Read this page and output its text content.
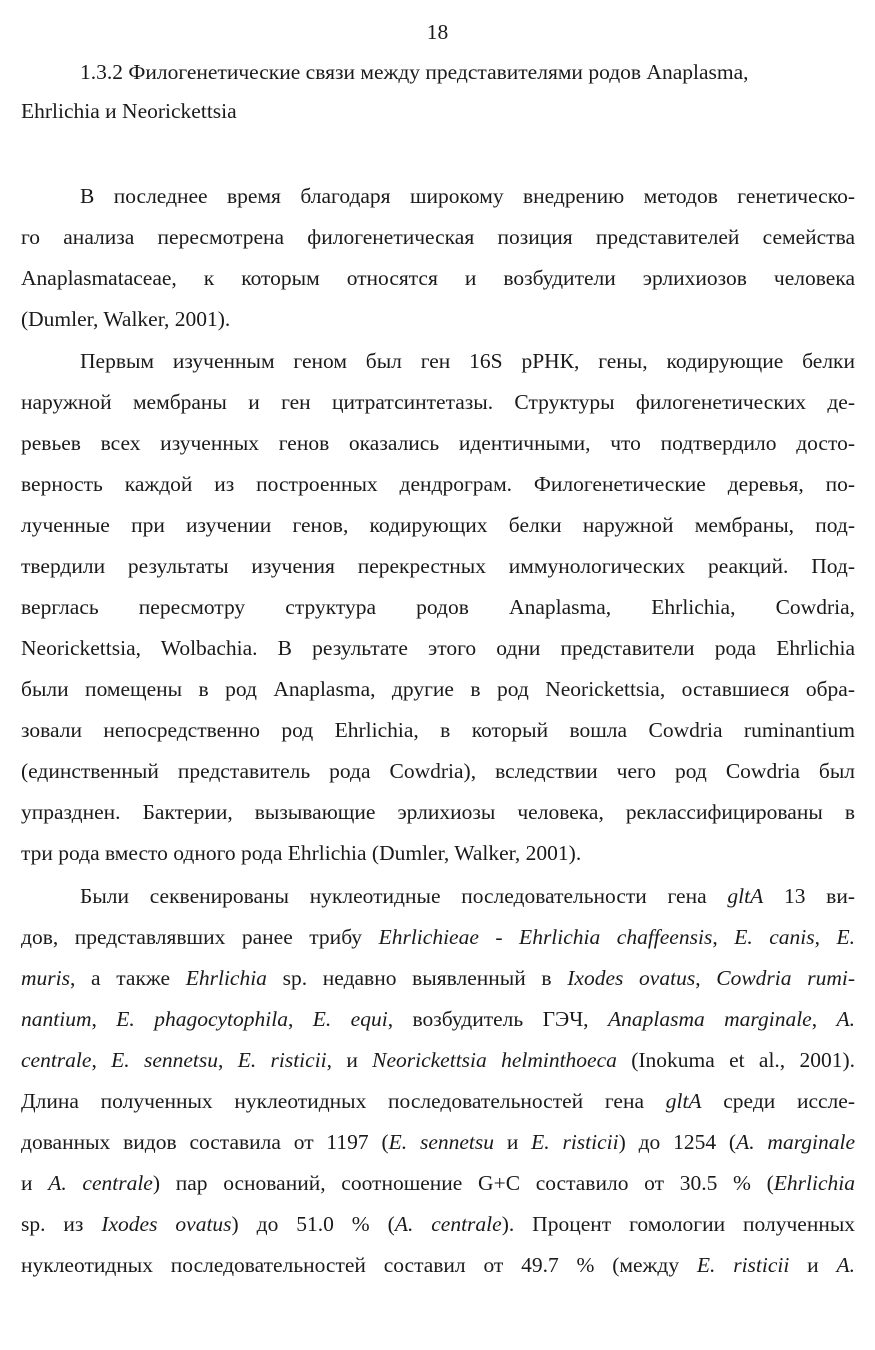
18
1.3.2 Филогенетические связи между представителями родов Anaplasma,
Ehrlichia и Neorickettsia
В последнее время благодаря широкому внедрению методов генетическо-
го анализа пересмотрена филогенетическая позиция представителей семейства
Anaplasmataceae, к которым относятся и возбудители эрлихиозов человека
(Dumler, Walker, 2001).
Первым изученным геном был ген 16S рРНК, гены, кодирующие белки
наружной мембраны и ген цитратсинтетазы. Структуры филогенетических де-
ревьев всех изученных генов оказались идентичными, что подтвердило досто-
верность каждой из построенных дендрограм. Филогенетические деревья, по-
лученные при изучении генов, кодирующих белки наружной мембраны, под-
твердили результаты изучения перекрестных иммунологических реакций. Под-
верглась пересмотру структура родов Anaplasma, Ehrlichia, Cowdria,
Neorickettsia, Wolbachia. В результате этого одни представители рода Ehrlichia
были помещены в род Anaplasma, другие в род Neorickettsia, оставшиеся обра-
зовали непосредственно род Ehrlichia, в который вошла Cowdria ruminantium
(единственный представитель рода Cowdria), вследствии чего род Cowdria был
упразднен. Бактерии, вызывающие эрлихиозы человека, реклассифицированы в
три рода вместо одного рода Ehrlichia (Dumler, Walker, 2001).
Были секвенированы нуклеотидные последовательности гена gltA 13 ви-
дов, представлявших ранее трибу Ehrlichieae - Ehrlichia chaffeensis, E. canis, E.
muris, а также Ehrlichia sp. недавно выявленный в Ixodes ovatus, Cowdria rumi-
nantium, E. phagocytophila, E. equi, возбудитель ГЭЧ, Anaplasma marginale, A.
centrale, E. sennetsu, E. risticii, и Neorickettsia helminthoeca (Inokuma et al., 2001).
Длина полученных нуклеотидных последовательностей гена gltA среди иссле-
дованных видов составила от 1197 (E. sennetsu и E. risticii) до 1254 (A. marginale
и A. centrale) пар оснований, соотношение G+C составило от 30.5 % (Ehrlichia
sp. из Ixodes ovatus) до 51.0 % (A. centrale). Процент гомологии полученных
нуклеотидных последовательностей составил от 49.7 % (между E. risticii и A.
